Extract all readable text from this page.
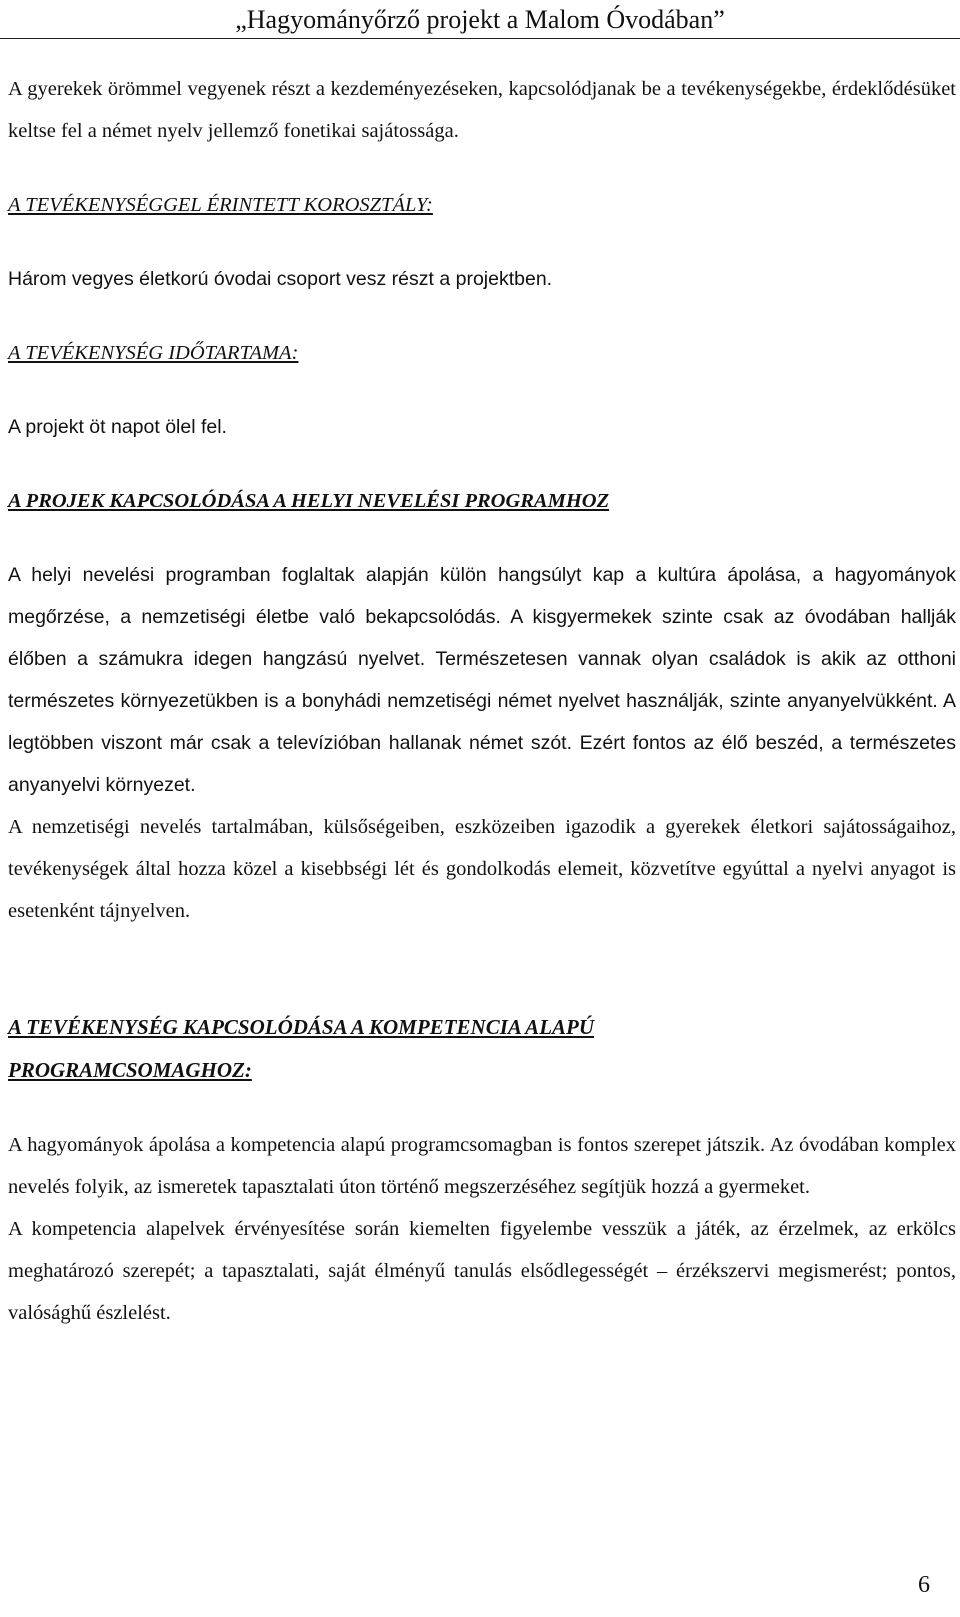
„Hagyományőrző projekt a Malom Óvodában”

A gyerekek örömmel vegyenek részt a kezdeményezéseken, kapcsolódjanak be a tevékenységekbe, érdeklődésüket keltse fel a német nyelv jellemző fonetikai sajátossága.

A TEVÉKENYSÉGGEL ÉRINTETT KOROSZTÁLY:

Három vegyes életkorú óvodai csoport vesz részt a projektben.

A TEVÉKENYSÉG IDŐTARTAMA:

A projekt öt napot ölel fel.

A PROJEK KAPCSOLÓDÁSA A HELYI NEVELÉSI PROGRAMHOZ

A helyi nevelési programban foglaltak alapján külön hangsúlyt kap a kultúra ápolása, a hagyományok megőrzése, a nemzetiségi életbe való bekapcsolódás. A kisgyermekek szinte csak az óvodában hallják élőben a számukra idegen hangzású nyelvet. Természetesen vannak olyan családok is akik az otthoni természetes környezetükben is a bonyhádi nemzetiségi német nyelvet használják, szinte anyanyelvükként. A legtöbben viszont már csak a televízióban hallanak német szót. Ezért fontos az élő beszéd, a természetes anyanyelvi környezet.

A nemzetiségi nevelés tartalmában, külsőségeiben, eszközeiben igazodik a gyerekek életkori sajátosságaihoz, tevékenységek által hozza közel a kisebbségi lét és gondolkodás elemeit, közvetítve egyúttal a nyelvi anyagot is esetenként tájnyelven.

A TEVÉKENYSÉG KAPCSOLÓDÁSA A KOMPETENCIA ALAPÚ

PROGRAMCSOMAGHOZ:

A hagyományok ápolása a kompetencia alapú programcsomagban is fontos szerepet játszik. Az óvodában komplex nevelés folyik, az ismeretek tapasztalati úton történő megszerzéséhez segítjük hozzá a gyermeket.

A kompetencia alapelvek érvényesítése során kiemelten figyelembe vesszük a játék, az érzelmek, az erkölcs meghatározó szerepét; a tapasztalati, saját élményű tanulás elsődlegességét – érzékszervi megismerést; pontos, valósághű észlelést.

6
